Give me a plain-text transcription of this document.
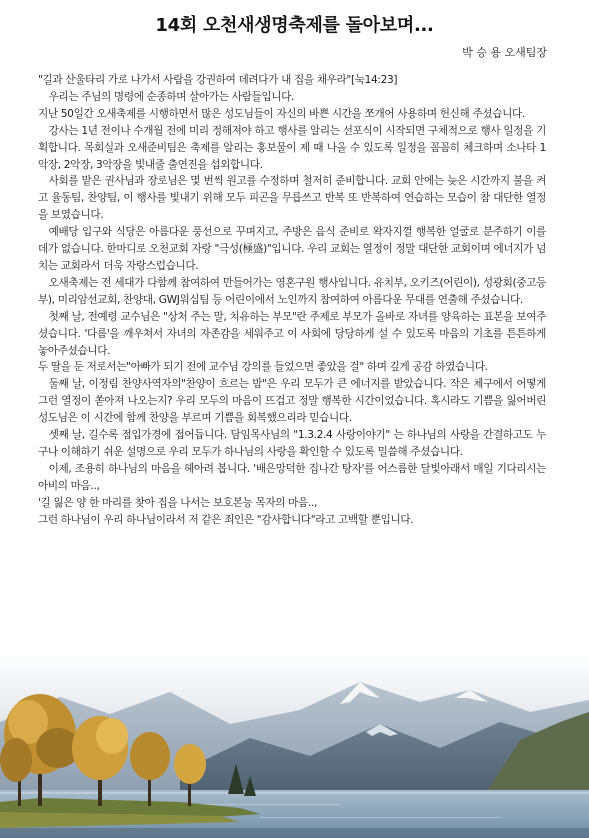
14회 오천새생명축제를 돌아보며...
박 승 용 오새팀장

"길과 산울타리 가로 나가서 사람을 강권하여 데려다가 내 집을 채우라"[눅14:23]

우리는 주님의 명령에 순종하며 살아가는 사람들입니다.

지난 50일간 오새축제를 시행하면서 많은 성도님들이 자신의 바쁜 시간을 쪼개어 사용하며 헌신해 주셨습니다.

강사는 1년 전이나 수개월 전에 미리 정해져야 하고 행사를 알리는 선포식이 시작되면 구체적으로 행사 일정을 기획합니다. 목회실과 오새준비팀은 축제를 알리는 홍보물이 제 때 나올 수 있도록 일정을 꼼꼼히 체크하며 소나타 1악장, 2악장, 3악장을 빛내줄 출연진을 섭외합니다.

사회를 맡은 권사님과 장로님은 몇 번씩 원고를 수정하며 철저히 준비합니다. 교회 안에는 늦은 시간까지 불을 켜고 율동팀, 찬양팀, 이 행사를 빛내기 위해 모두 피곤을 무릅쓰고 반복 또 반복하여 연습하는 모습이 참 대단한 열정을 보였습니다.

예배당 입구와 식당은 아름다운 풍선으로 꾸며지고, 주방은 음식 준비로 왁자지껄 행복한 얼굴로 분주하기 이를 데가 없습니다. 한마디로 오천교회 자랑 "극성(極盛)"입니다. 우리 교회는 열정이 정말 대단한 교회이며 에너지가 넘치는 교회라서 더욱 자랑스럽습니다.

오새축제는 전 세대가 다함께 참여하여 만들어가는 영혼구원 행사입니다. 유치부, 오키즈(어린이), 성광회(중고등부), 미리암선교회, 찬양대, GWJ워십팀 등 어린이에서 노인까지 참여하여 아름다운 무대를 연출해 주셨습니다.

첫째 날, 전예령 교수님은 "상처 주는 말, 치유하는 부모"란 주제로 부모가 올바로 자녀를 양육하는 표본을 보여주셨습니다. '다름'을 깨우쳐서 자녀의 자존감을 세워주고 이 사회에 당당하게 설 수 있도록 마음의 기초를 튼튼하게 놓아주셨습니다.

두 딸을 둔 저로서는"아빠가 되기 전에 교수님 강의를 들었으면 좋았을 걸" 하며 깊게 공감 하였습니다.

둘째 날, 이정림 찬양사역자의"찬양이 흐르는 밤"은 우리 모두가 큰 에너지를 받았습니다. 작은 체구에서 어떻게 그런 열정이 쏟아져 나오는지? 우리 모두의 마음이 뜨겁고 정말 행복한 시간이었습니다. 혹시라도 기쁨을 잃어버린 성도님은 이 시간에 함께 찬양을 부르며 기쁨을 회복했으리라 믿습니다.

셋째 날, 길수록 점입가경에 접어듭니다. 담임목사님의 "1.3.2.4 사랑이야기" 는 하나님의 사랑을 간결하고도 누구나 이해하기 쉬운 설명으로 우리 모두가 하나님의 사랑을 확인할 수 있도록 밀씀해 주셨습니다.

이제, 조용히 하나님의 마음을 헤아려 봅니다. '배은망덕한 집나간 탕자'를 어스름한 달빛아래서 매일 기다리시는 아비의 마음..,

'길 잃은 양 한 마리를 찾아 집을 나서는 보호본능 목자의 마음..,

그런 하나님이 우리 하나님이라서 저 같은 죄인은 "감사합니다"라고 고백할 뿐입니다.
